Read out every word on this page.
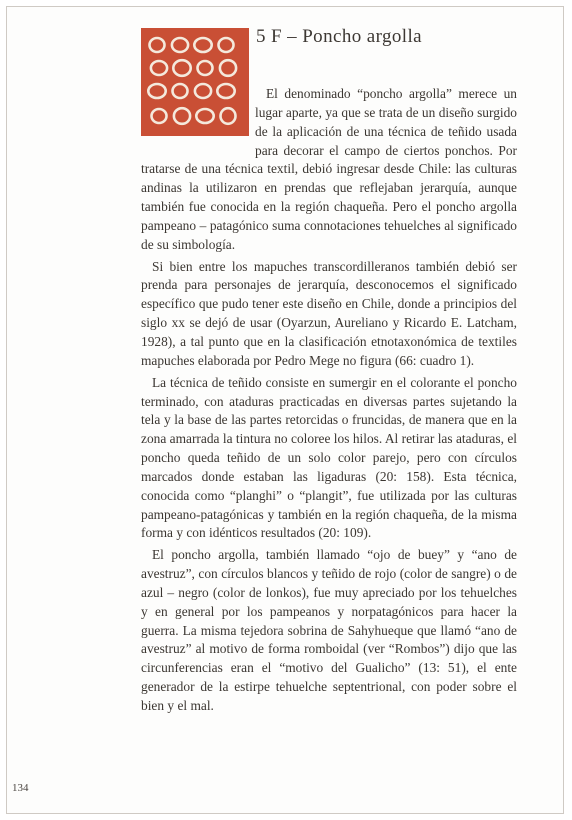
5 F – Poncho argolla

El denominado “poncho argolla” merece un lugar aparte, ya que se trata de un diseño surgido de la aplicación de una técnica de teñido usada para decorar el campo de ciertos ponchos. Por tratarse de una técnica textil, debió ingresar desde Chile: las culturas andinas la utilizaron en prendas que reflejaban jerarquía, aunque también fue conocida en la región chaqueña. Pero el poncho argolla pampeano – patagónico suma connotaciones tehuelches al significado de su simbología.

Si bien entre los mapuches transcordilleranos también debió ser prenda para personajes de jerarquía, desconocemos el significado específico que pudo tener este diseño en Chile, donde a principios del siglo xx se dejó de usar (Oyarzun, Aureliano y Ricardo E. Latcham, 1928), a tal punto que en la clasificación etnotaxonómica de textiles mapuches elaborada por Pedro Mege no figura (66: cuadro 1).

La técnica de teñido consiste en sumergir en el colorante el poncho terminado, con ataduras practicadas en diversas partes sujetando la tela y la base de las partes retorcidas o fruncidas, de manera que en la zona amarrada la tintura no coloree los hilos. Al retirar las ataduras, el poncho queda teñido de un solo color parejo, pero con círculos marcados donde estaban las ligaduras (20: 158). Esta técnica, conocida como “planghi” o “plangit”, fue utilizada por las culturas pampeano-patagónicas y también en la región chaqueña, de la misma forma y con idénticos resultados (20: 109).

El poncho argolla, también llamado “ojo de buey” y “ano de avestruz”, con círculos blancos y teñido de rojo (color de sangre) o de azul – negro (color de lonkos), fue muy apreciado por los tehuelches y en general por los pampeanos y norpatagónicos para hacer la guerra. La misma tejedora sobrina de Sahyhueque que llamó “ano de avestruz” al motivo de forma romboidal (ver “Rombos”) dijo que las circunferencias eran el “motivo del Gualicho” (13: 51), el ente generador de la estirpe tehuelche septentrional, con poder sobre el bien y el mal.

134
